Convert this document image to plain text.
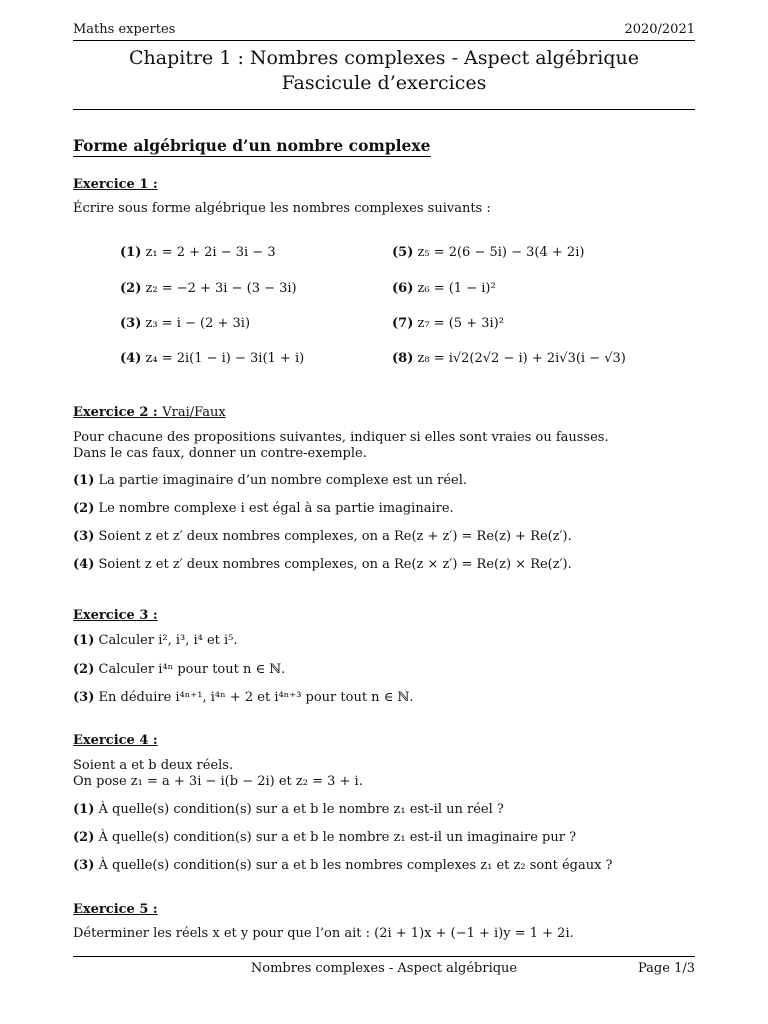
Maths expertes	2020/2021
Chapitre 1 : Nombres complexes - Aspect algébrique
Fascicule d’exercices
Forme algébrique d’un nombre complexe
Exercice 1 :
Écrire sous forme algébrique les nombres complexes suivants :
(1) z₁ = 2 + 2i − 3i − 3
(2) z₂ = −2 + 3i − (3 − 3i)
(3) z₃ = i − (2 + 3i)
(4) z₄ = 2i(1 − i) − 3i(1 + i)
(5) z₅ = 2(6 − 5i) − 3(4 + 2i)
(6) z₆ = (1 − i)²
(7) z₇ = (5 + 3i)²
(8) z₈ = i√2(2√2 − i) + 2i√3(i − √3)
Exercice 2 : Vrai/Faux
Pour chacune des propositions suivantes, indiquer si elles sont vraies ou fausses.
Dans le cas faux, donner un contre-exemple.
(1) La partie imaginaire d’un nombre complexe est un réel.
(2) Le nombre complexe i est égal à sa partie imaginaire.
(3) Soient z et z′ deux nombres complexes, on a Re(z + z′) = Re(z) + Re(z′).
(4) Soient z et z′ deux nombres complexes, on a Re(z × z′) = Re(z) × Re(z′).
Exercice 3 :
(1) Calculer i², i³, i⁴ et i⁵.
(2) Calculer i⁴ⁿ pour tout n ∈ ℕ.
(3) En déduire i⁴ⁿ⁺¹, i⁴ⁿ + 2 et i⁴ⁿ⁺³ pour tout n ∈ ℕ.
Exercice 4 :
Soient a et b deux réels.
On pose z₁ = a + 3i − i(b − 2i) et z₂ = 3 + i.
(1) À quelle(s) condition(s) sur a et b le nombre z₁ est-il un réel ?
(2) À quelle(s) condition(s) sur a et b le nombre z₁ est-il un imaginaire pur ?
(3) À quelle(s) condition(s) sur a et b les nombres complexes z₁ et z₂ sont égaux ?
Exercice 5 :
Déterminer les réels x et y pour que l’on ait : (2i + 1)x + (−1 + i)y = 1 + 2i.
Nombres complexes - Aspect algébrique	Page 1/3
